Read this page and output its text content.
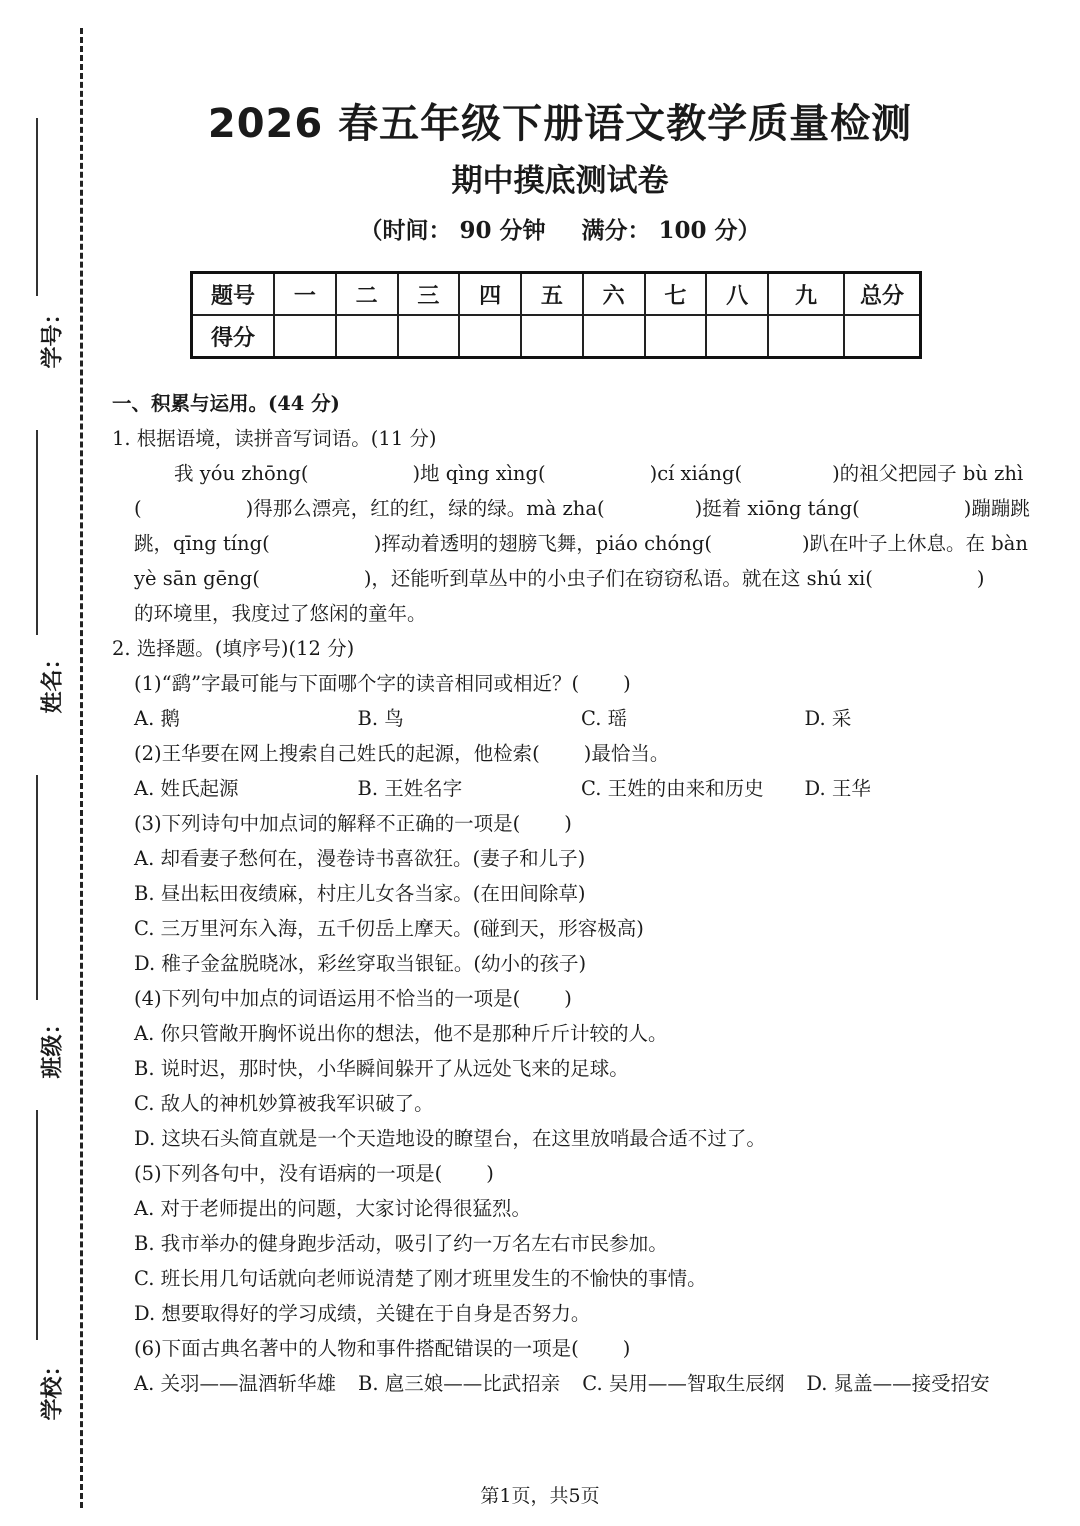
学号：
姓名：
班级：
学校：
2026 春五年级下册语文教学质量检测
期中摸底测试卷
（时间： 90 分钟 满分： 100 分）
题号	一	二	三	四	五	六	七	八	九	总分
得分										
一、积累与运用。(44 分)
1. 根据语境，读拼音写词语。(11 分)
我 yóu zhōng(	)地 qìng xìng(	)cí xiáng(	)的祖父把园子 bù zhì
(	)得那么漂亮，红的红，绿的绿。mà zha(	)挺着 xiōng táng(	)蹦蹦跳
跳，qīng tíng(	)挥动着透明的翅膀飞舞，piáo chóng(	)趴在叶子上休息。在 bàn
yè sān gēng(	)，还能听到草丛中的小虫子们在窃窃私语。就在这 shú xi(	)
的环境里，我度过了悠闲的童年。
2. 选择题。(填序号)(12 分)
(1)“鹞”字最可能与下面哪个字的读音相同或相近？( )
A. 鹅	B. 鸟	C. 瑶	D. 采
(2)王华要在网上搜索自己姓氏的起源，他检索( )最恰当。
A. 姓氏起源	B. 王姓名字	C. 王姓的由来和历史	D. 王华
(3)下列诗句中加点词的解释不正确的一项是( )
A. 却看妻子愁何在，漫卷诗书喜欲狂。(妻子和儿子)
B. 昼出耘田夜绩麻，村庄儿女各当家。(在田间除草)
C. 三万里河东入海，五千仞岳上摩天。(碰到天，形容极高)
D. 稚子金盆脱晓冰，彩丝穿取当银钲。(幼小的孩子)
(4)下列句中加点的词语运用不恰当的一项是( )
A. 你只管敞开胸怀说出你的想法，他不是那种斤斤计较的人。
B. 说时迟，那时快，小华瞬间躲开了从远处飞来的足球。
C. 敌人的神机妙算被我军识破了。
D. 这块石头简直就是一个天造地设的瞭望台，在这里放哨最合适不过了。
(5)下列各句中，没有语病的一项是( )
A. 对于老师提出的问题，大家讨论得很猛烈。
B. 我市举办的健身跑步活动，吸引了约一万名左右市民参加。
C. 班长用几句话就向老师说清楚了刚才班里发生的不愉快的事情。
D. 想要取得好的学习成绩，关键在于自身是否努力。
(6)下面古典名著中的人物和事件搭配错误的一项是( )
A. 关羽——温酒斩华雄 B. 扈三娘——比武招亲 C. 吴用——智取生辰纲 D. 晁盖——接受招安
第1页，共5页
